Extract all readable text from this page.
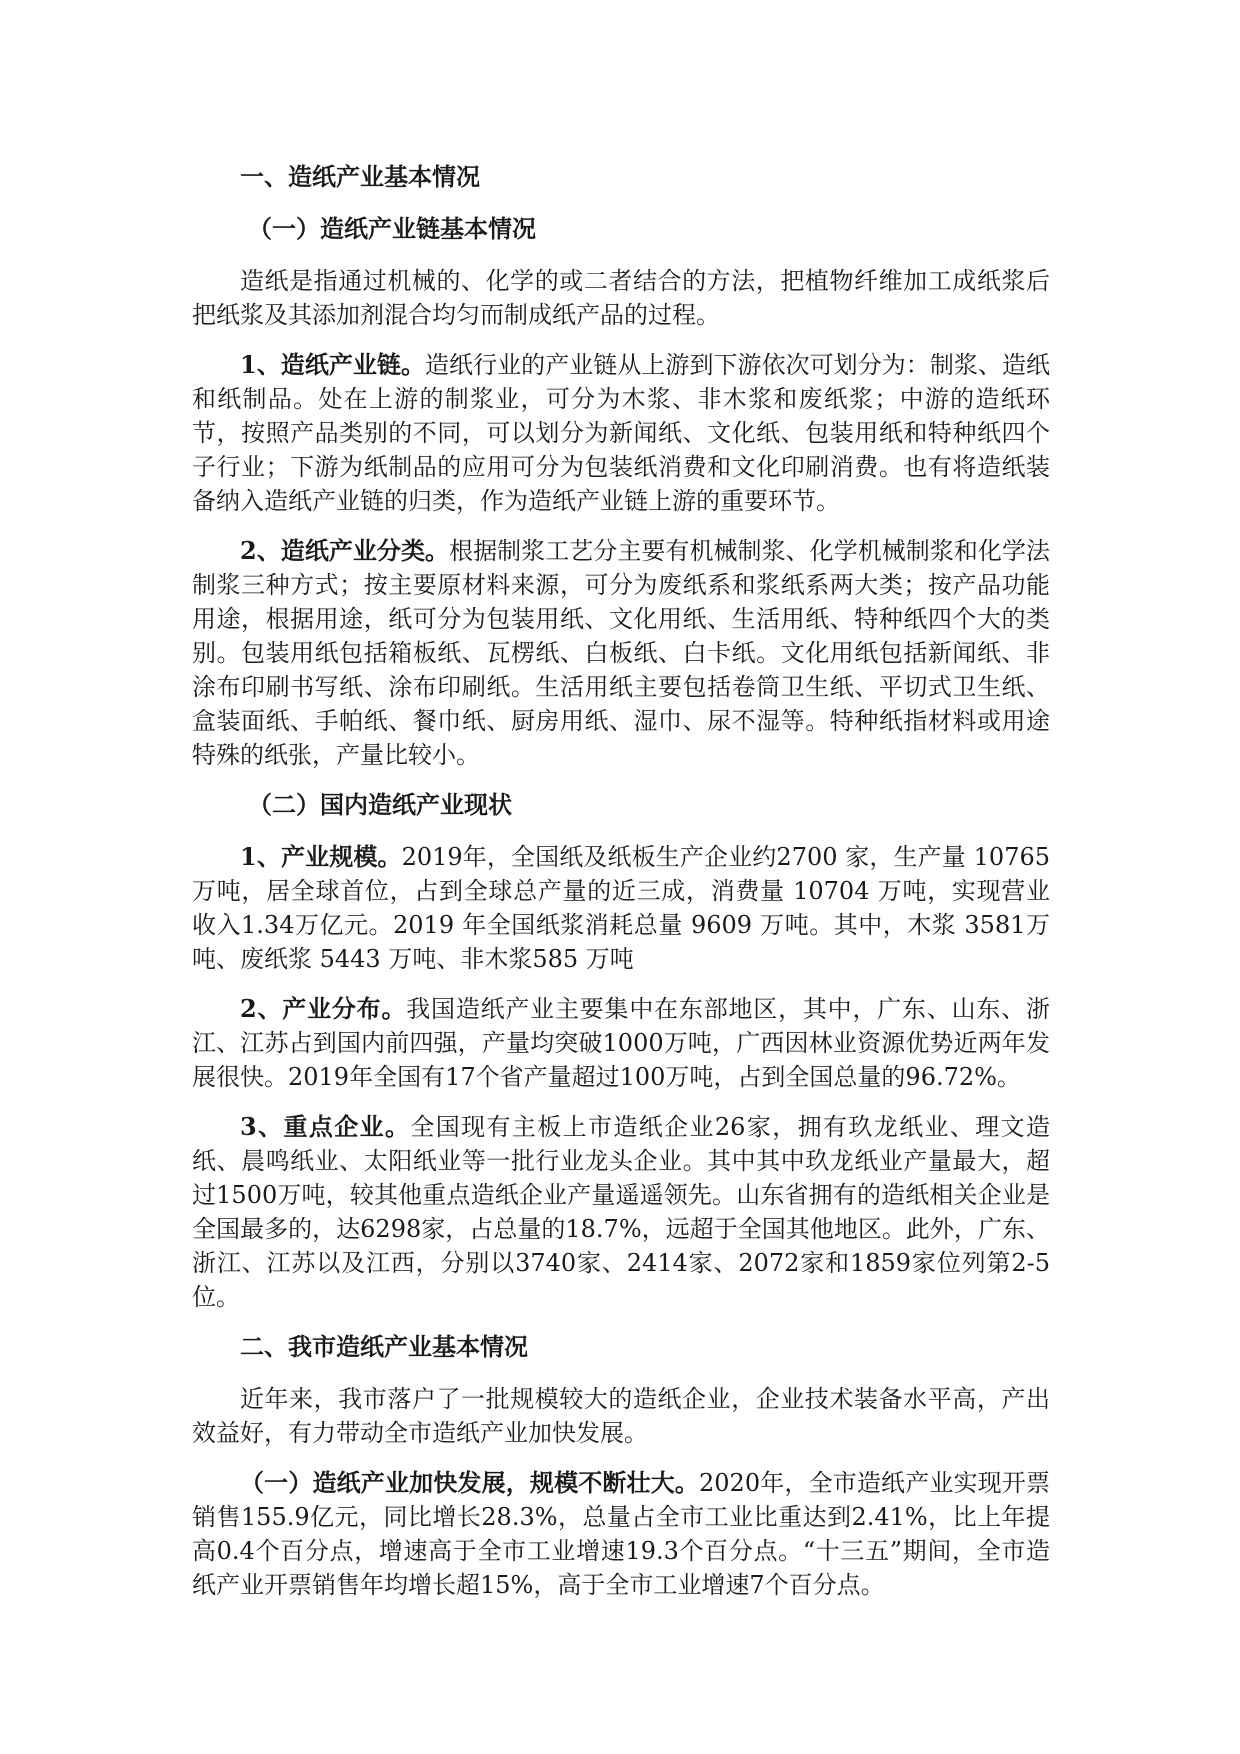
一、造纸产业基本情况
（一）造纸产业链基本情况

造纸是指通过机械的、化学的或二者结合的方法，把植物纤维加工成纸浆后把纸浆及其添加剂混合均匀而制成纸产品的过程。

1、造纸产业链。造纸行业的产业链从上游到下游依次可划分为：制浆、造纸和纸制品。处在上游的制浆业，可分为木浆、非木浆和废纸浆；中游的造纸环节，按照产品类别的不同，可以划分为新闻纸、文化纸、包装用纸和特种纸四个子行业；下游为纸制品的应用可分为包装纸消费和文化印刷消费。也有将造纸装备纳入造纸产业链的归类，作为造纸产业链上游的重要环节。

2、造纸产业分类。根据制浆工艺分主要有机械制浆、化学机械制浆和化学法制浆三种方式；按主要原材料来源，可分为废纸系和浆纸系两大类；按产品功能用途，根据用途，纸可分为包装用纸、文化用纸、生活用纸、特种纸四个大的类别。包装用纸包括箱板纸、瓦楞纸、白板纸、白卡纸。文化用纸包括新闻纸、非涂布印刷书写纸、涂布印刷纸。生活用纸主要包括卷筒卫生纸、平切式卫生纸、盒装面纸、手帕纸、餐巾纸、厨房用纸、湿巾、尿不湿等。特种纸指材料或用途特殊的纸张，产量比较小。

（二）国内造纸产业现状

1、产业规模。2019年，全国纸及纸板生产企业约2700 家，生产量 10765万吨，居全球首位，占到全球总产量的近三成，消费量 10704 万吨，实现营业收入1.34万亿元。2019 年全国纸浆消耗总量 9609 万吨。其中，木浆 3581万吨、废纸浆 5443 万吨、非木浆585 万吨

2、产业分布。我国造纸产业主要集中在东部地区，其中，广东、山东、浙江、江苏占到国内前四强，产量均突破1000万吨，广西因林业资源优势近两年发展很快。2019年全国有17个省产量超过100万吨，占到全国总量的96.72%。

3、重点企业。全国现有主板上市造纸企业26家，拥有玖龙纸业、理文造纸、晨鸣纸业、太阳纸业等一批行业龙头企业。其中其中玖龙纸业产量最大，超过1500万吨，较其他重点造纸企业产量遥遥领先。山东省拥有的造纸相关企业是全国最多的，达6298家，占总量的18.7%，远超于全国其他地区。此外，广东、浙江、江苏以及江西，分别以3740家、2414家、2072家和1859家位列第2-5位。

二、我市造纸产业基本情况

近年来，我市落户了一批规模较大的造纸企业，企业技术装备水平高，产出效益好，有力带动全市造纸产业加快发展。

（一）造纸产业加快发展，规模不断壮大。2020年，全市造纸产业实现开票销售155.9亿元，同比增长28.3%，总量占全市工业比重达到2.41%，比上年提高0.4个百分点，增速高于全市工业增速19.3个百分点。“十三五”期间，全市造纸产业开票销售年均增长超15%，高于全市工业增速7个百分点。
